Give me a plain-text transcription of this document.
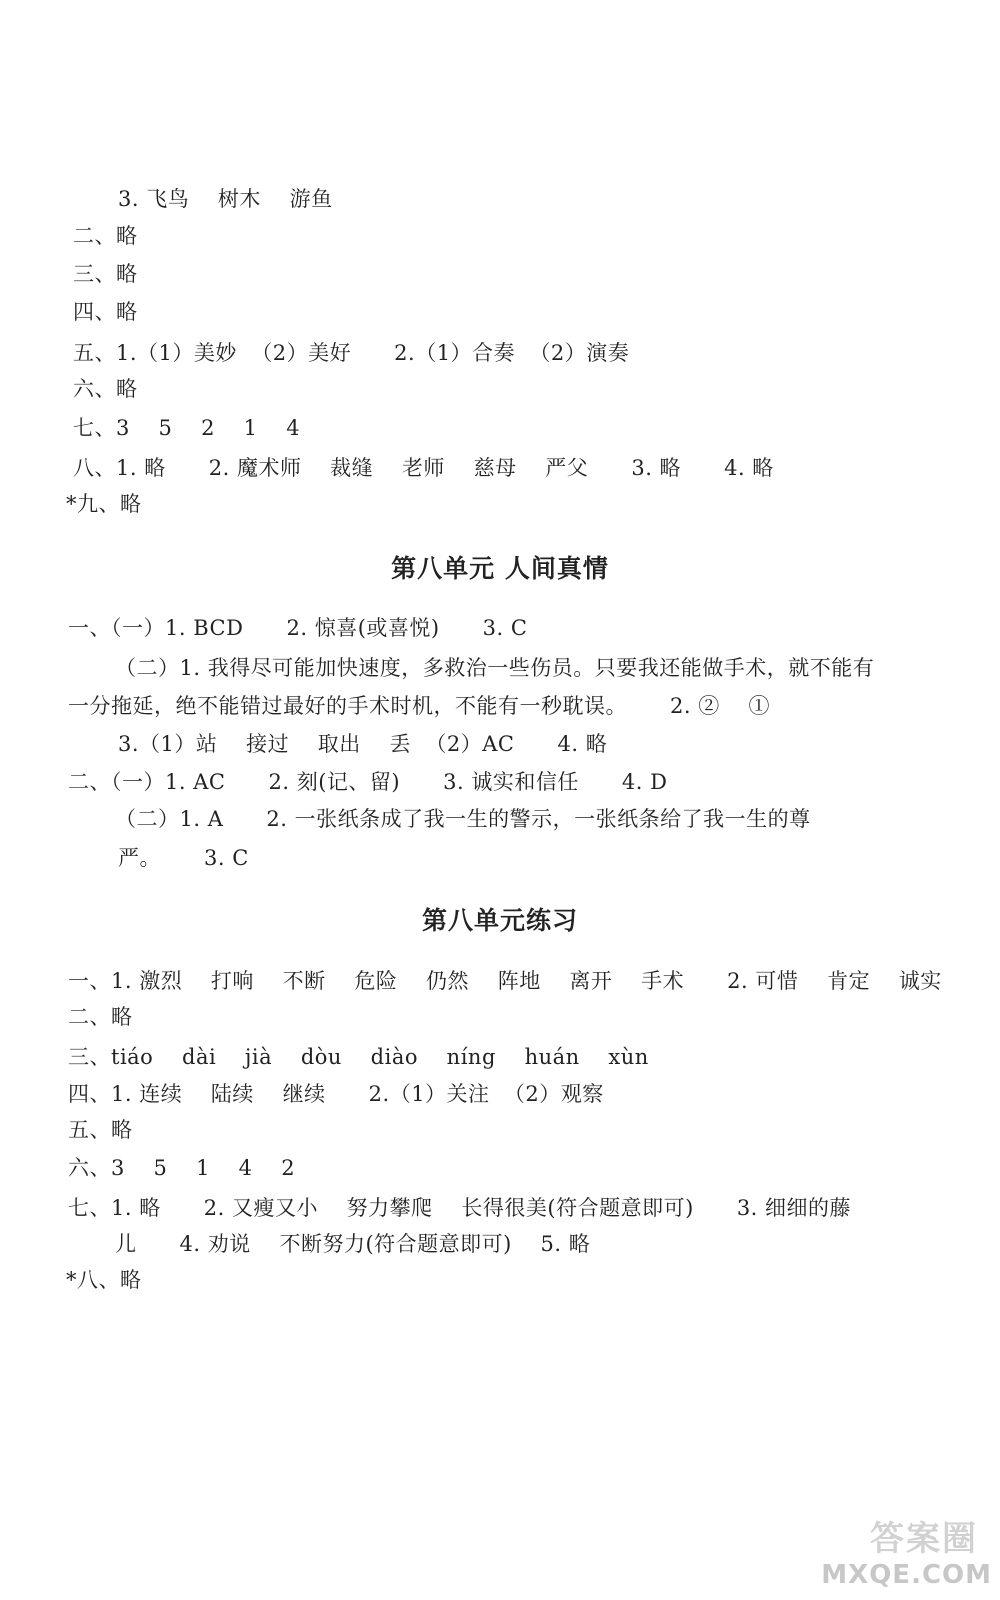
3. 飞鸟    树木    游鱼
二、略
三、略
四、略
五、1.（1）美妙  （2）美好      2.（1）合奏  （2）演奏
六、略
七、3    5    2    1    4
八、1. 略      2. 魔术师    裁缝    老师    慈母    严父      3. 略      4. 略
*九、略
第八单元 人间真情
一、（一）1. BCD      2. 惊喜(或喜悦)      3. C
（二）1. 我得尽可能加快速度，多救治一些伤员。只要我还能做手术，就不能有
一分拖延，绝不能错过最好的手术时机，不能有一秒耽误。      2. ②    ①
3.（1）站    接过    取出    丢  （2）AC      4. 略
二、（一）1. AC      2. 刻(记、留)      3. 诚实和信任      4. D
（二）1. A      2. 一张纸条成了我一生的警示，一张纸条给了我一生的尊
严。      3. C
第八单元练习
一、1. 激烈    打响    不断    危险    仍然    阵地    离开    手术      2. 可惜    肯定    诚实
二、略
三、tiáo    dài    jià    dòu    diào    níng    huán    xùn
四、1. 连续    陆续    继续      2.（1）关注  （2）观察
五、略
六、3    5    1    4    2
七、1. 略      2. 又瘦又小    努力攀爬    长得很美(符合题意即可)      3. 细细的藤
儿      4. 劝说    不断努力(符合题意即可)    5. 略
*八、略
答案圈
MXQE.COM
